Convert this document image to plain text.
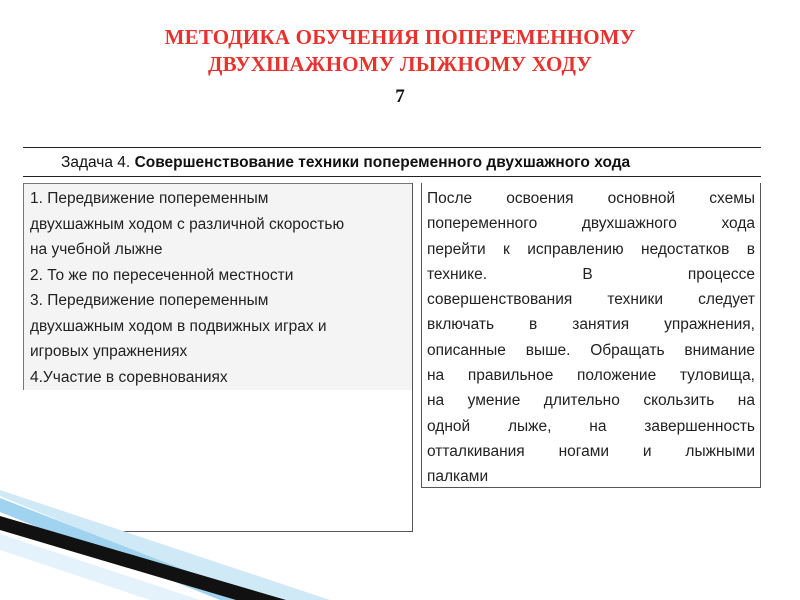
МЕТОДИКА ОБУЧЕНИЯ ПОПЕРЕМЕННОМУ
ДВУХШАЖНОМУ ЛЫЖНОМУ ХОДУ
7
Задача 4. Совершенствование техники попеременного двухшажного хода
1. Передвижение попеременным
двухшажным ходом с различной скоростью
на учебной лыжне
2. То же по пересеченной местности
3. Передвижение попеременным
двухшажным ходом в подвижных играх и
игровых упражнениях
4.Участие в соревнованиях
После освоения основной схемы
попеременного двухшажного хода
перейти к исправлению недостатков в
технике. В процессе
совершенствования техники следует
включать в занятия упражнения,
описанные выше. Обращать внимание
на правильное положение туловища,
на умение длительно скользить на
одной лыже, на завершенность
отталкивания ногами и лыжными
палками
